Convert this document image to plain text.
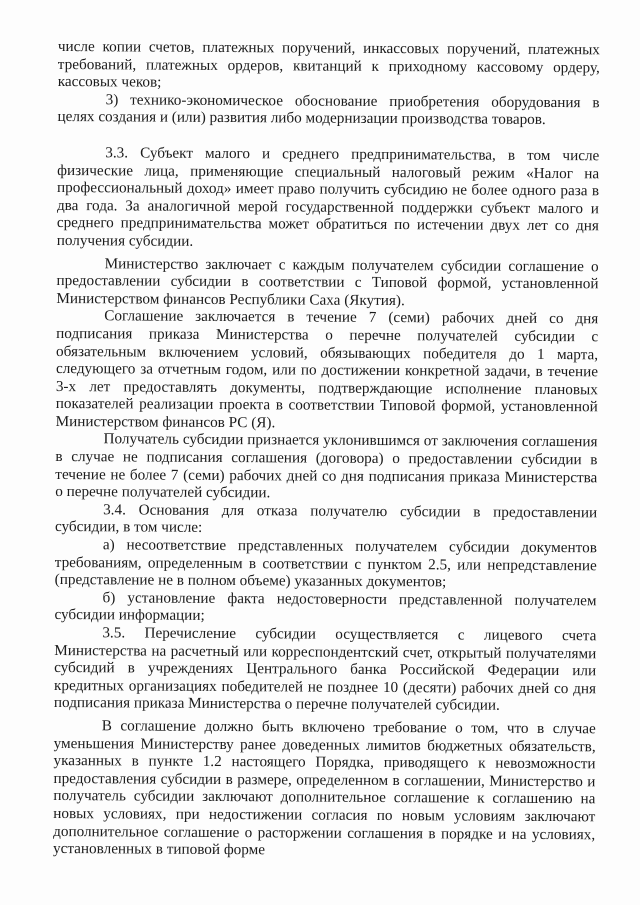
числе копии счетов, платежных поручений, инкассовых поручений, платежных требований, платежных ордеров, квитанций к приходному кассовому ордеру, кассовых чеков;

3) технико-экономическое обоснование приобретения оборудования в целях создания и (или) развития либо модернизации производства товаров.

3.3. Субъект малого и среднего предпринимательства, в том числе физические лица, применяющие специальный налоговый режим «Налог на профессиональный доход» имеет право получить субсидию не более одного раза в два года. За аналогичной мерой государственной поддержки субъект малого и среднего предпринимательства может обратиться по истечении двух лет со дня получения субсидии.

Министерство заключает с каждым получателем субсидии соглашение о предоставлении субсидии в соответствии с Типовой формой, установленной Министерством финансов Республики Саха (Якутия).

Соглашение заключается в течение 7 (семи) рабочих дней со дня подписания приказа Министерства о перечне получателей субсидии с обязательным включением условий, обязывающих победителя до 1 марта, следующего за отчетным годом, или по достижении конкретной задачи, в течение 3-х лет предоставлять документы, подтверждающие исполнение плановых показателей реализации проекта в соответствии Типовой формой, установленной Министерством финансов РС (Я).

Получатель субсидии признается уклонившимся от заключения соглашения в случае не подписания соглашения (договора) о предоставлении субсидии в течение не более 7 (семи) рабочих дней со дня подписания приказа Министерства о перечне получателей субсидии.

3.4. Основания для отказа получателю субсидии в предоставлении субсидии, в том числе:

а) несоответствие представленных получателем субсидии документов требованиям, определенным в соответствии с пунктом 2.5, или непредставление (представление не в полном объеме) указанных документов;

б) установление факта недостоверности представленной получателем субсидии информации;

3.5. Перечисление субсидии осуществляется с лицевого счета Министерства на расчетный или корреспондентский счет, открытый получателями субсидий в учреждениях Центрального банка Российской Федерации или кредитных организациях победителей не позднее 10 (десяти) рабочих дней со дня подписания приказа Министерства о перечне получателей субсидии.

В соглашение должно быть включено требование о том, что в случае уменьшения Министерству ранее доведенных лимитов бюджетных обязательств, указанных в пункте 1.2 настоящего Порядка, приводящего к невозможности предоставления субсидии в размере, определенном в соглашении, Министерство и получатель субсидии заключают дополнительное соглашение к соглашению на новых условиях, при недостижении согласия по новым условиям заключают дополнительное соглашение о расторжении соглашения в порядке и на условиях, установленных в типовой форме
